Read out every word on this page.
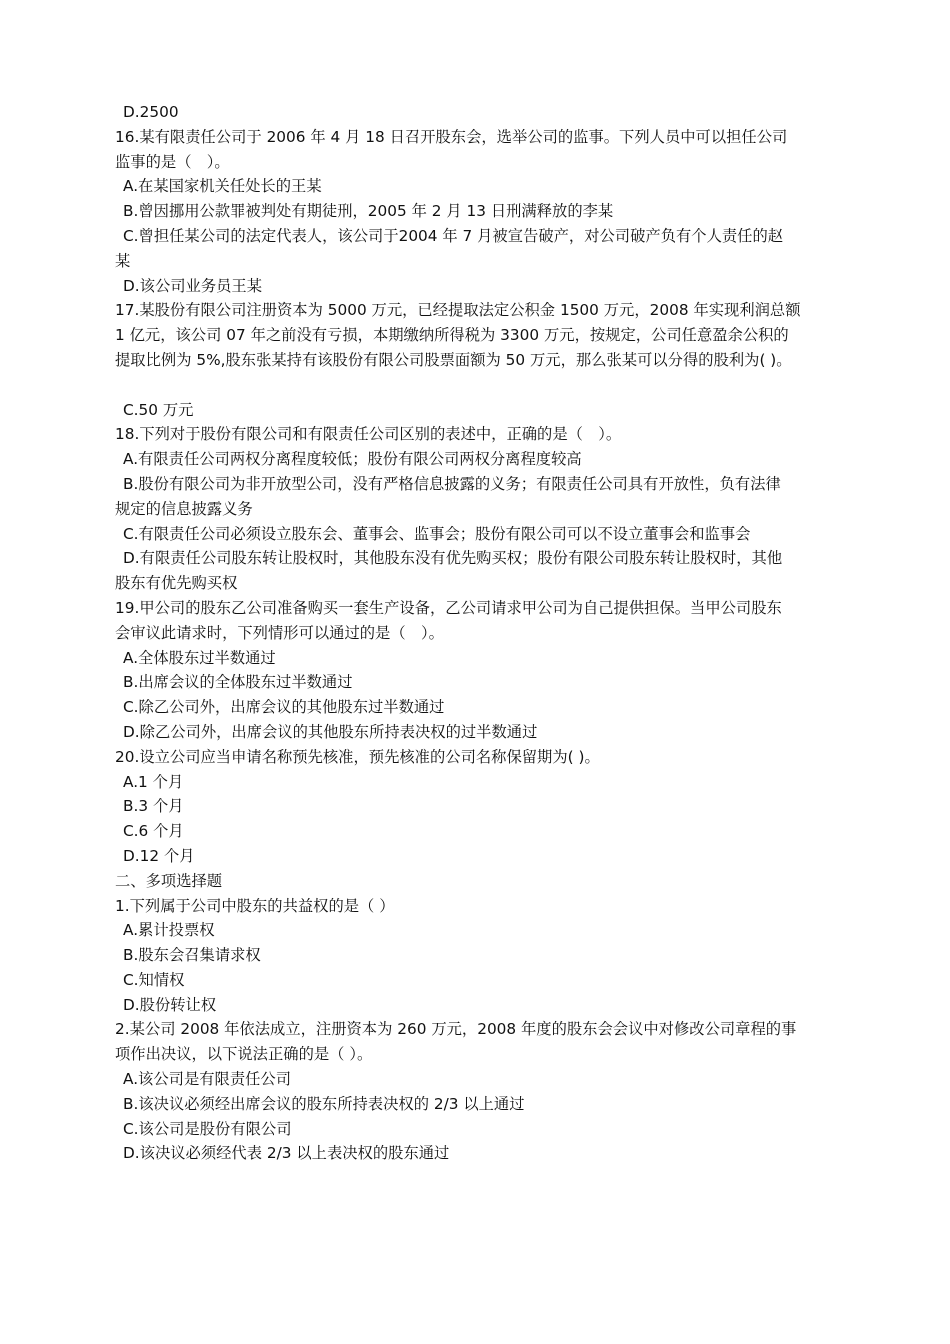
D.2500
16.某有限责任公司于 2006 年 4 月 18 日召开股东会，选举公司的监事。下列人员中可以担任公司
监事的是（　）。
A.在某国家机关任处长的王某
B.曾因挪用公款罪被判处有期徒刑，2005 年 2 月 13 日刑满释放的李某
C.曾担任某公司的法定代表人，该公司于2004 年 7 月被宣告破产，对公司破产负有个人责任的赵
某
D.该公司业务员王某
17.某股份有限公司注册资本为 5000 万元，已经提取法定公积金 1500 万元，2008 年实现利润总额
1 亿元，该公司 07 年之前没有亏损，本期缴纳所得税为 3300 万元，按规定，公司任意盈余公积的
提取比例为 5%,股东张某持有该股份有限公司股票面额为 50 万元，那么张某可以分得的股利为( )。
C.50 万元
18.下列对于股份有限公司和有限责任公司区别的表述中，正确的是（　）。
A.有限责任公司两权分离程度较低；股份有限公司两权分离程度较高
B.股份有限公司为非开放型公司，没有严格信息披露的义务；有限责任公司具有开放性，负有法律
规定的信息披露义务
C.有限责任公司必须设立股东会、董事会、监事会；股份有限公司可以不设立董事会和监事会
D.有限责任公司股东转让股权时，其他股东没有优先购买权；股份有限公司股东转让股权时，其他
股东有优先购买权
19.甲公司的股东乙公司准备购买一套生产设备，乙公司请求甲公司为自己提供担保。当甲公司股东
会审议此请求时，下列情形可以通过的是（　）。
A.全体股东过半数通过
B.出席会议的全体股东过半数通过
C.除乙公司外，出席会议的其他股东过半数通过
D.除乙公司外，出席会议的其他股东所持表决权的过半数通过
20.设立公司应当申请名称预先核准，预先核准的公司名称保留期为( )。
A.1 个月
B.3 个月
C.6 个月
D.12 个月
二、多项选择题
1.下列属于公司中股东的共益权的是（ ）
A.累计投票权
B.股东会召集请求权
C.知情权
D.股份转让权
2.某公司 2008 年依法成立，注册资本为 260 万元，2008 年度的股东会会议中对修改公司章程的事
项作出决议，以下说法正确的是（ ）。
A.该公司是有限责任公司
B.该决议必须经出席会议的股东所持表决权的 2/3 以上通过
C.该公司是股份有限公司
D.该决议必须经代表 2/3 以上表决权的股东通过
